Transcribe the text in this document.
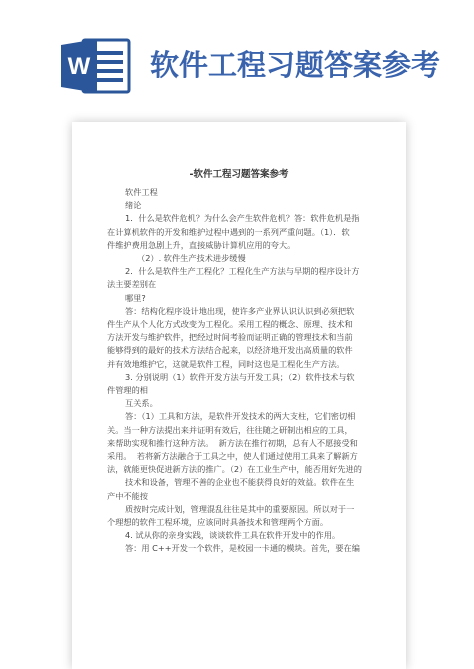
W 软件工程习题答案参考
-软件工程习题答案参考

软件工程

绪论

1．什么是软件危机？为什么会产生软件危机？答：软件危机是指

在计算机软件的开发和维护过程中遇到的一系列严重问题。（1）．软

件维护费用急剧上升，直接威胁计算机应用的夸大。

（2）. 软件生产技术进步缓慢

2．什么是软件生产工程化？工程化生产方法与早期的程序设计方

法主要差别在

哪里?

答：结构化程序设计地出现，使许多产业界认识认识到必须把软

件生产从个人化方式改变为工程化。采用工程的概念、原理、技术和

方法开发与维护软件，把经过时间考验而证明正确的管理技术和当前

能够得到的最好的技术方法结合起来，以经济地开发出高质量的软件

并有效地维护它，这就是软件工程，同时这也是工程化生产方法。

3. 分别说明（1）软件开发方法与开发工具；（2）软件技术与软

件管理的相

互关系。

答：（1）工具和方法，是软件开发技术的两大支柱，它们密切相

关。当一种方法提出来并证明有效后，往往随之研制出相应的工具，

来帮助实现和推行这种方法。  新方法在推行初期，总有人不愿接受和

采用。  若将新方法融合于工具之中，使人们通过使用工具来了解新方

法，就能更快促进新方法的推广。（2）在工业生产中，能否用好先进的

技术和设备，管理不善的企业也不能获得良好的效益。软件在生

产中不能按

质按时完成计划，管理混乱往往是其中的重要原因。所以对于一

个理想的软件工程环境，应该同时具备技术和管理两个方面。

4. 试从你的亲身实践，谈谈软件工具在软件开发中的作用。

答：用 C++开发一个软件，是校园一卡通的模块。首先，要在编
